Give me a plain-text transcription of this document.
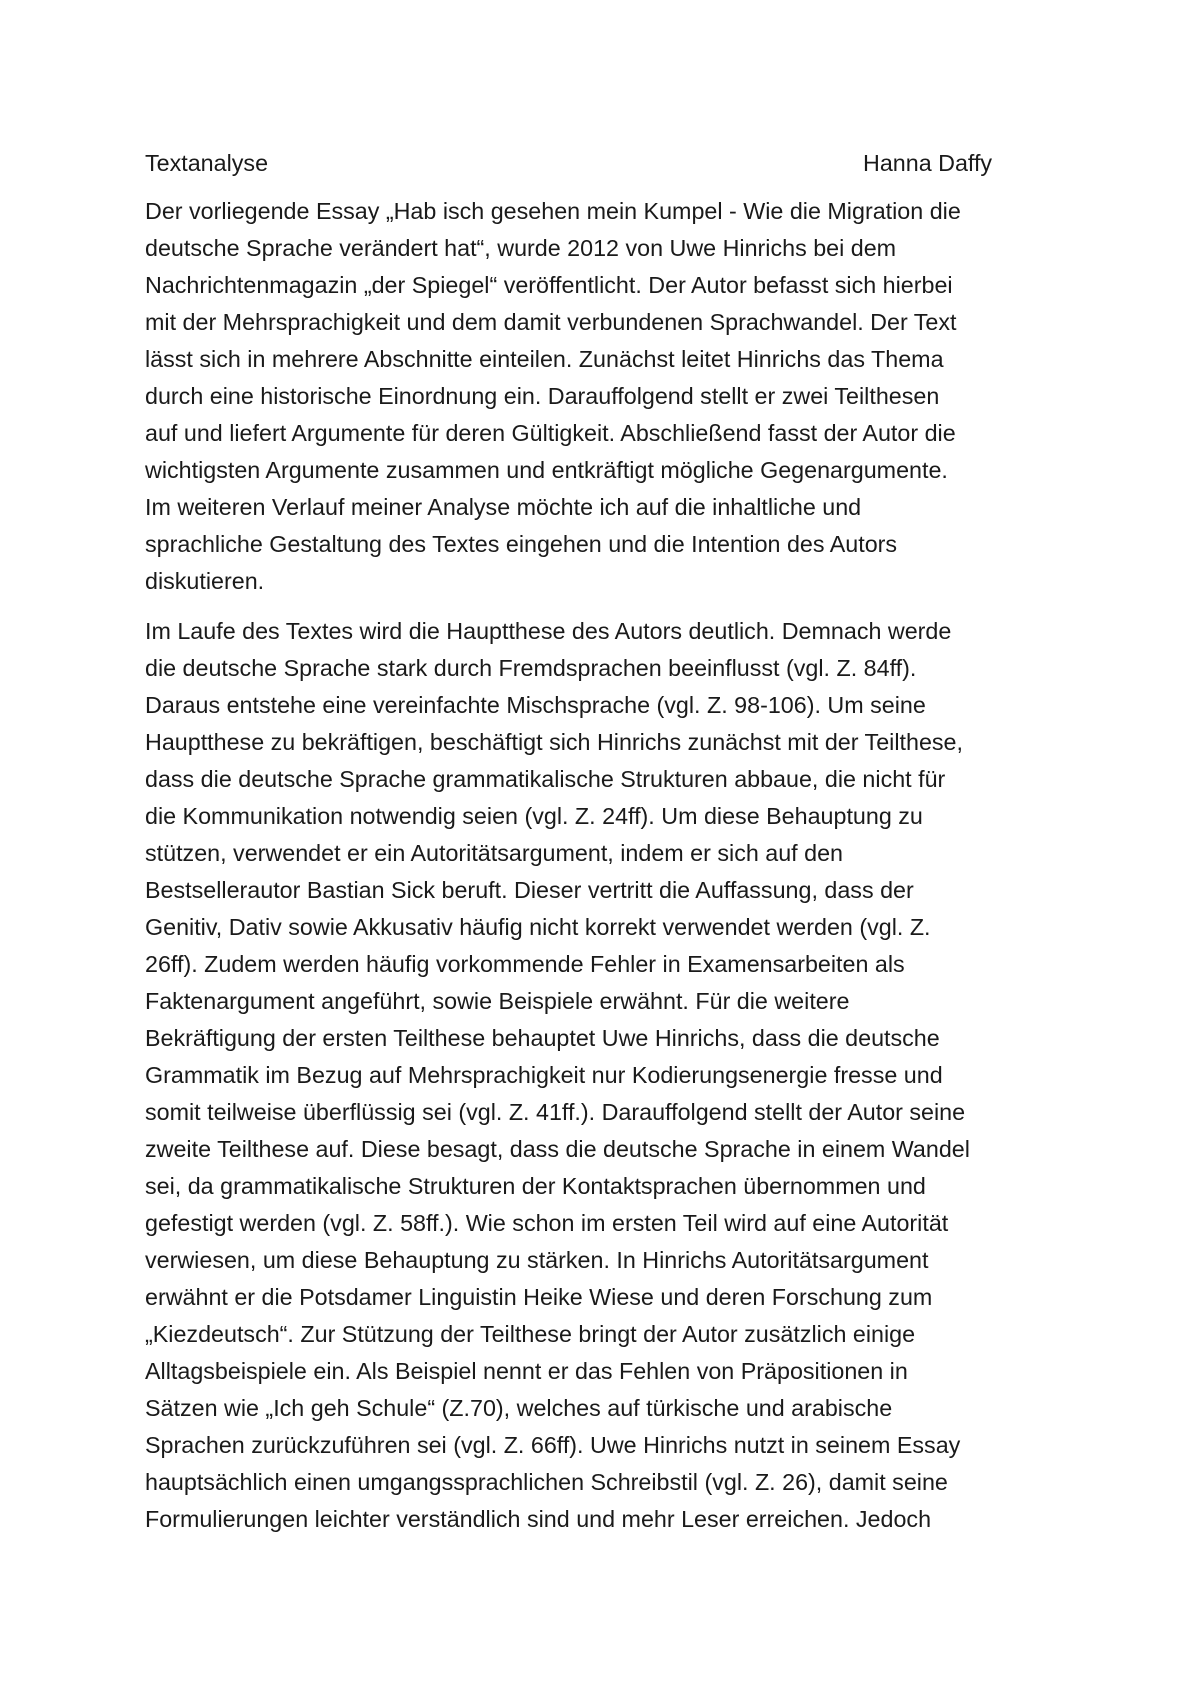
Textanalyse	Hanna Daffy
Der vorliegende Essay „Hab isch gesehen mein Kumpel - Wie die Migration die
deutsche Sprache verändert hat“, wurde 2012 von Uwe Hinrichs bei dem
Nachrichtenmagazin „der Spiegel“ veröffentlicht. Der Autor befasst sich hierbei
mit der Mehrsprachigkeit und dem damit verbundenen Sprachwandel. Der Text
lässt sich in mehrere Abschnitte einteilen. Zunächst leitet Hinrichs das Thema
durch eine historische Einordnung ein. Darauffolgend stellt er zwei Teilthesen
auf und liefert Argumente für deren Gültigkeit. Abschließend fasst der Autor die
wichtigsten Argumente zusammen und entkräftigt mögliche Gegenargumente.
Im weiteren Verlauf meiner Analyse möchte ich auf die inhaltliche und
sprachliche Gestaltung des Textes eingehen und die Intention des Autors
diskutieren.
Im Laufe des Textes wird die Hauptthese des Autors deutlich. Demnach werde
die deutsche Sprache stark durch Fremdsprachen beeinflusst (vgl. Z. 84ff).
Daraus entstehe eine vereinfachte Mischsprache (vgl. Z. 98-106). Um seine
Hauptthese zu bekräftigen, beschäftigt sich Hinrichs zunächst mit der Teilthese,
dass die deutsche Sprache grammatikalische Strukturen abbaue, die nicht für
die Kommunikation notwendig seien (vgl. Z. 24ff). Um diese Behauptung zu
stützen, verwendet er ein Autoritätsargument, indem er sich auf den
Bestsellerautor Bastian Sick beruft. Dieser vertritt die Auffassung, dass der
Genitiv, Dativ sowie Akkusativ häufig nicht korrekt verwendet werden (vgl. Z.
26ff). Zudem werden häufig vorkommende Fehler in Examensarbeiten als
Faktenargument angeführt, sowie Beispiele erwähnt. Für die weitere
Bekräftigung der ersten Teilthese behauptet Uwe Hinrichs, dass die deutsche
Grammatik im Bezug auf Mehrsprachigkeit nur Kodierungsenergie fresse und
somit teilweise überflüssig sei (vgl. Z. 41ff.). Darauffolgend stellt der Autor seine
zweite Teilthese auf. Diese besagt, dass die deutsche Sprache in einem Wandel
sei, da grammatikalische Strukturen der Kontaktsprachen übernommen und
gefestigt werden (vgl. Z. 58ff.). Wie schon im ersten Teil wird auf eine Autorität
verwiesen, um diese Behauptung zu stärken. In Hinrichs Autoritätsargument
erwähnt er die Potsdamer Linguistin Heike Wiese und deren Forschung zum
„Kiezdeutsch“. Zur Stützung der Teilthese bringt der Autor zusätzlich einige
Alltagsbeispiele ein. Als Beispiel nennt er das Fehlen von Präpositionen in
Sätzen wie „Ich geh Schule“ (Z.70), welches auf türkische und arabische
Sprachen zurückzuführen sei (vgl. Z. 66ff). Uwe Hinrichs nutzt in seinem Essay
hauptsächlich einen umgangssprachlichen Schreibstil (vgl. Z. 26), damit seine
Formulierungen leichter verständlich sind und mehr Leser erreichen. Jedoch
